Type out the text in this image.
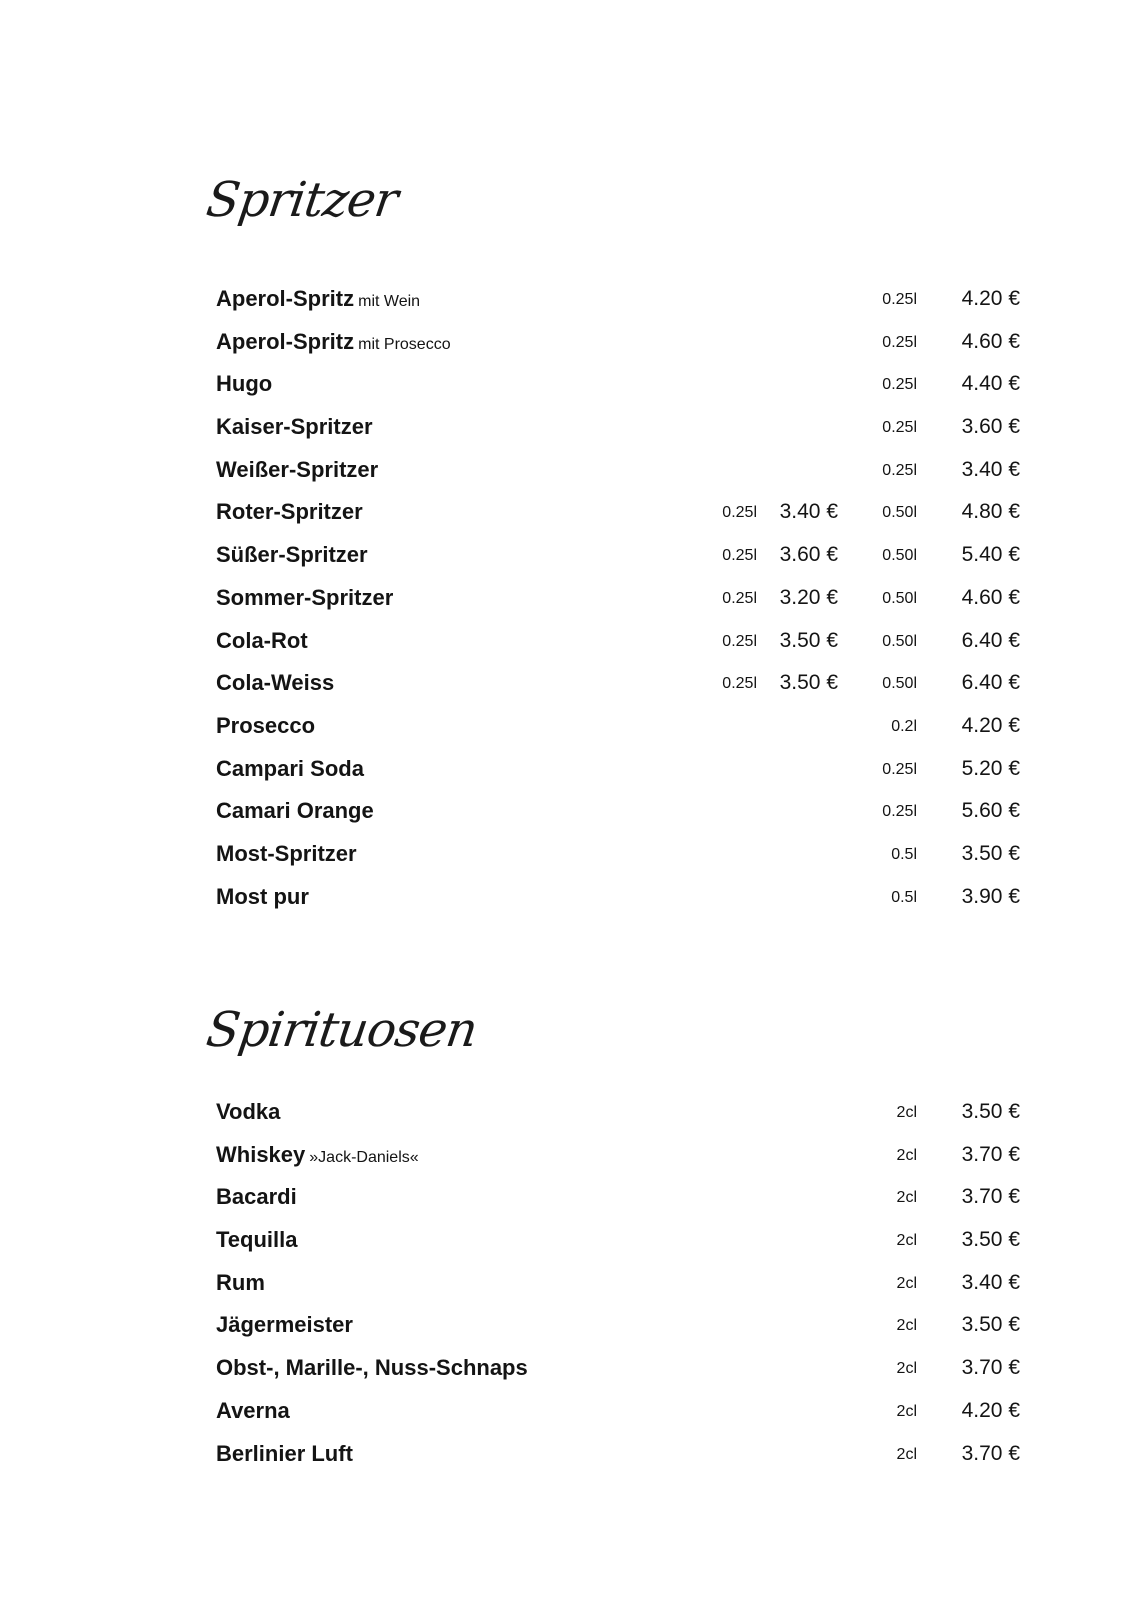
Spritzer
Aperol-Spritz mit Wein	0.25l	4.20 €
Aperol-Spritz mit Prosecco	0.25l	4.60 €
Hugo	0.25l	4.40 €
Kaiser-Spritzer	0.25l	3.60 €
Weißer-Spritzer	0.25l	3.40 €
Roter-Spritzer	0.25l	3.40 €	0.50l	4.80 €
Süßer-Spritzer	0.25l	3.60 €	0.50l	5.40 €
Sommer-Spritzer	0.25l	3.20 €	0.50l	4.60 €
Cola-Rot	0.25l	3.50 €	0.50l	6.40 €
Cola-Weiss	0.25l	3.50 €	0.50l	6.40 €
Prosecco	0.2l	4.20 €
Campari Soda	0.25l	5.20 €
Camari Orange	0.25l	5.60 €
Most-Spritzer	0.5l	3.50 €
Most pur	0.5l	3.90 €
Spirituosen
Vodka	2cl	3.50 €
Whiskey »Jack-Daniels«	2cl	3.70 €
Bacardi	2cl	3.70 €
Tequilla	2cl	3.50 €
Rum	2cl	3.40 €
Jägermeister	2cl	3.50 €
Obst-, Marille-, Nuss-Schnaps	2cl	3.70 €
Averna	2cl	4.20 €
Berlinier Luft	2cl	3.70 €
